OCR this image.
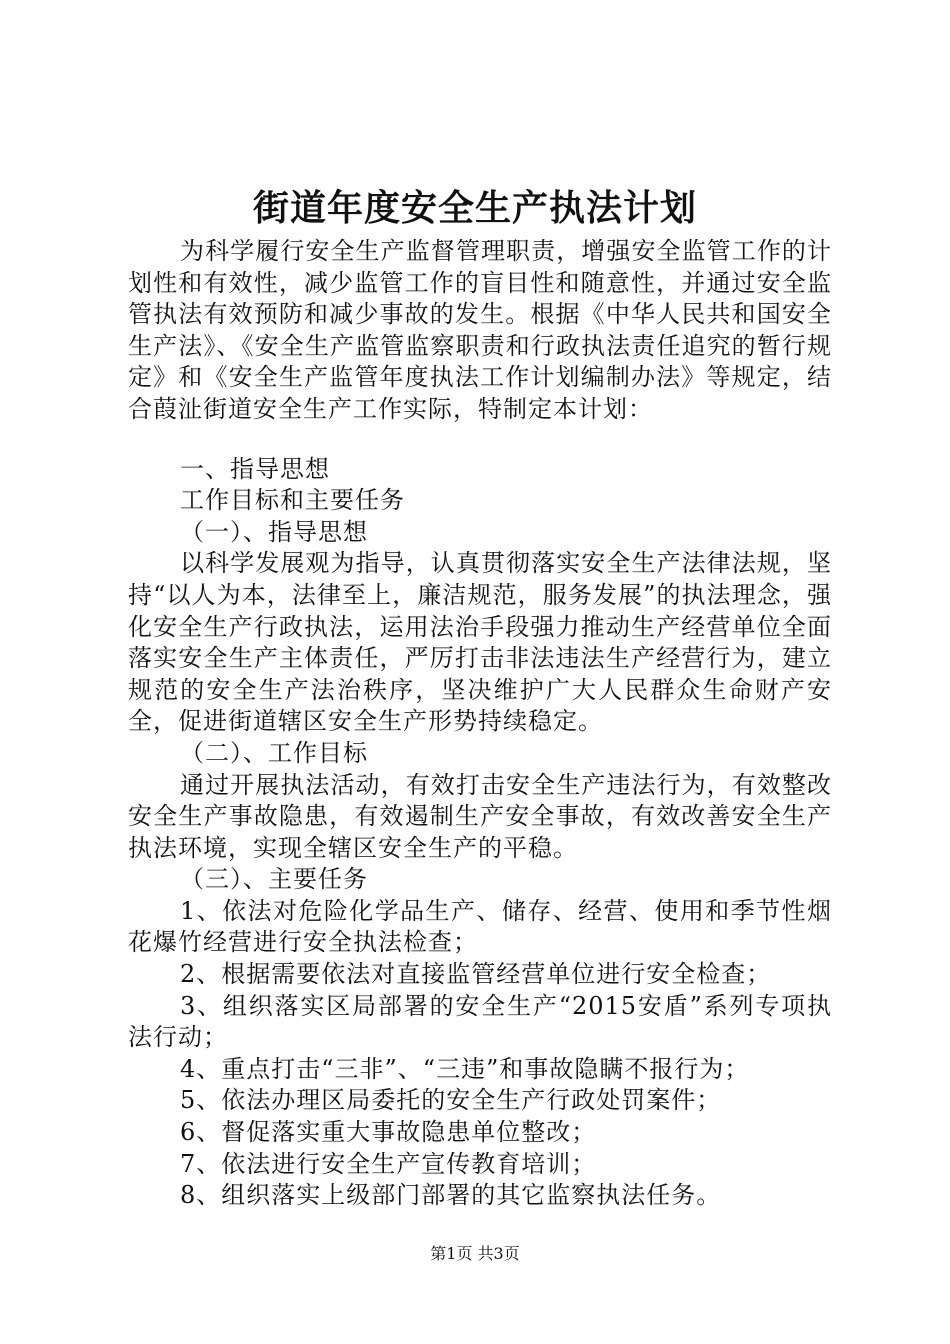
街道年度安全生产执法计划

为科学履行安全生产监督管理职责，增强安全监管工作的计划性和有效性，减少监管工作的盲目性和随意性，并通过安全监管执法有效预防和减少事故的发生。根据《中华人民共和国安全生产法》、《安全生产监管监察职责和行政执法责任追究的暂行规定》和《安全生产监管年度执法工作计划编制办法》等规定，结合葭沚街道安全生产工作实际，特制定本计划：

一、指导思想

工作目标和主要任务

（一）、指导思想

以科学发展观为指导，认真贯彻落实安全生产法律法规，坚持“以人为本，法律至上，廉洁规范，服务发展”的执法理念，强化安全生产行政执法，运用法治手段强力推动生产经营单位全面落实安全生产主体责任，严厉打击非法违法生产经营行为，建立规范的安全生产法治秩序，坚决维护广大人民群众生命财产安全，促进街道辖区安全生产形势持续稳定。

（二）、工作目标

通过开展执法活动，有效打击安全生产违法行为，有效整改安全生产事故隐患，有效遏制生产安全事故，有效改善安全生产执法环境，实现全辖区安全生产的平稳。

（三）、主要任务

1、依法对危险化学品生产、储存、经营、使用和季节性烟花爆竹经营进行安全执法检查；

2、根据需要依法对直接监管经营单位进行安全检查；

3、组织落实区局部署的安全生产“2015安盾”系列专项执法行动；

4、重点打击“三非”、“三违”和事故隐瞒不报行为；

5、依法办理区局委托的安全生产行政处罚案件；

6、督促落实重大事故隐患单位整改；

7、依法进行安全生产宣传教育培训；

8、组织落实上级部门部署的其它监察执法任务。

第1页 共3页
